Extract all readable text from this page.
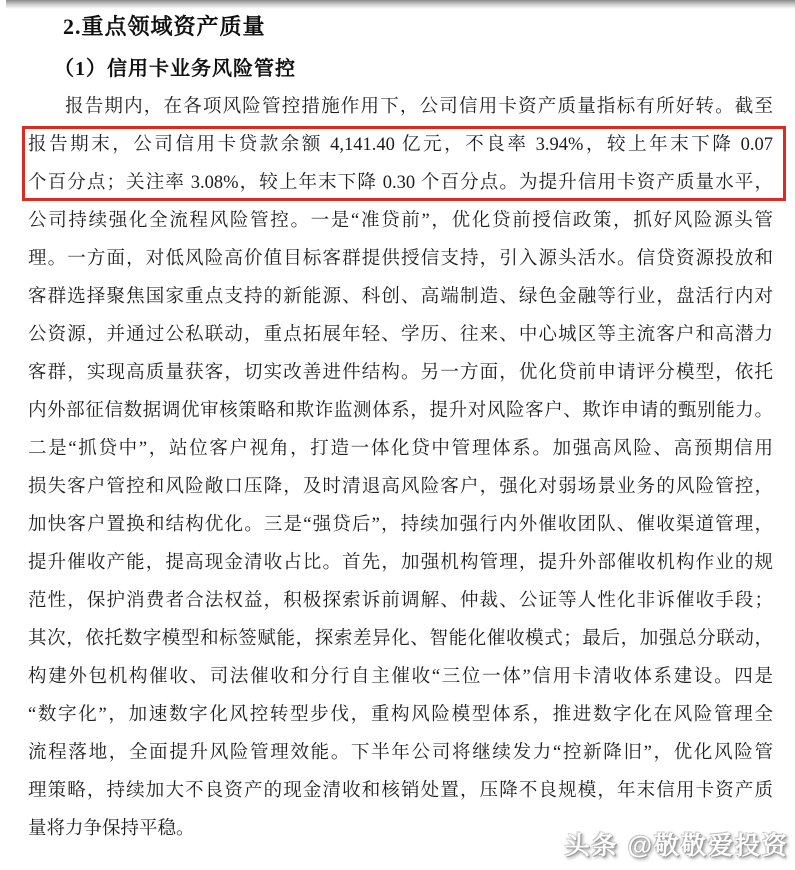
2.重点领域资产质量
（1）信用卡业务风险管控
报告期内，在各项风险管控措施作用下，公司信用卡资产质量指标有所好转。截至
报告期末，公司信用卡贷款余额 4,141.40 亿元，不良率 3.94%，较上年末下降 0.07
个百分点；关注率 3.08%，较上年末下降 0.30 个百分点。为提升信用卡资产质量水平，
公司持续强化全流程风险管控。一是“准贷前”，优化贷前授信政策，抓好风险源头管
理。一方面，对低风险高价值目标客群提供授信支持，引入源头活水。信贷资源投放和
客群选择聚焦国家重点支持的新能源、科创、高端制造、绿色金融等行业，盘活行内对
公资源，并通过公私联动，重点拓展年轻、学历、往来、中心城区等主流客户和高潜力
客群，实现高质量获客，切实改善进件结构。另一方面，优化贷前申请评分模型，依托
内外部征信数据调优审核策略和欺诈监测体系，提升对风险客户、欺诈申请的甄别能力。
二是“抓贷中”，站位客户视角，打造一体化贷中管理体系。加强高风险、高预期信用
损失客户管控和风险敞口压降，及时清退高风险客户，强化对弱场景业务的风险管控，
加快客户置换和结构优化。三是“强贷后”，持续加强行内外催收团队、催收渠道管理，
提升催收产能，提高现金清收占比。首先，加强机构管理，提升外部催收机构作业的规
范性，保护消费者合法权益，积极探索诉前调解、仲裁、公证等人性化非诉催收手段；
其次，依托数字模型和标签赋能，探索差异化、智能化催收模式；最后，加强总分联动，
构建外包机构催收、司法催收和分行自主催收“三位一体”信用卡清收体系建设。四是
“数字化”，加速数字化风控转型步伐，重构风险模型体系，推进数字化在风险管理全
流程落地，全面提升风险管理效能。下半年公司将继续发力“控新降旧”，优化风险管
理策略，持续加大不良资产的现金清收和核销处置，压降不良规模，年末信用卡资产质
量将力争保持平稳。
头条 @敬敬爱投资
